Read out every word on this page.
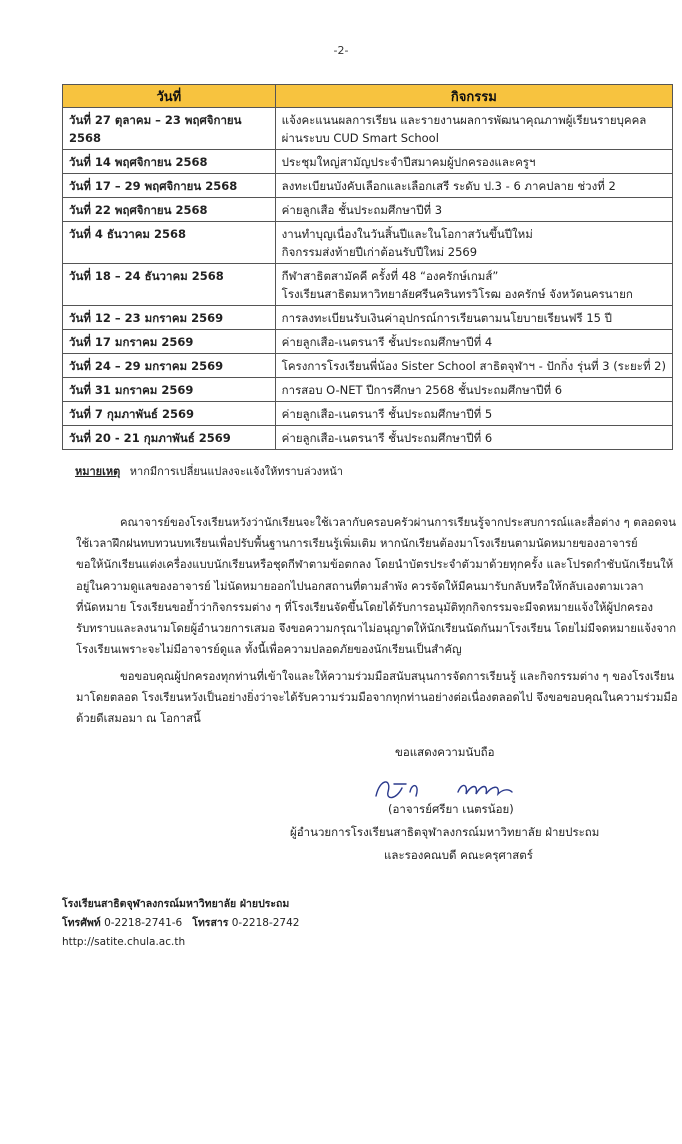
-2-
วันที่	กิจกรรม
วันที่ 27 ตุลาคม – 23 พฤศจิกายน 2568	แจ้งคะแนนผลการเรียน และรายงานผลการพัฒนาคุณภาพผู้เรียนรายบุคคล
ผ่านระบบ CUD Smart School

วันที่ 14 พฤศจิกายน 2568	ประชุมใหญ่สามัญประจำปีสมาคมผู้ปกครองและครูฯ

วันที่ 17 – 29 พฤศจิกายน 2568	ลงทะเบียนบังคับเลือกและเลือกเสรี ระดับ ป.3 - 6 ภาคปลาย ช่วงที่ 2

วันที่ 22 พฤศจิกายน 2568	ค่ายลูกเสือ ชั้นประถมศึกษาปีที่ 3

วันที่ 4 ธันวาคม 2568	งานทำบุญเนื่องในวันสิ้นปีและในโอกาสวันขึ้นปีใหม่
กิจกรรมส่งท้ายปีเก่าต้อนรับปีใหม่ 2569

วันที่ 18 – 24 ธันวาคม 2568	กีฬาสาธิตสามัคคี ครั้งที่ 48 “องครักษ์เกมส์”
โรงเรียนสาธิตมหาวิทยาลัยศรีนครินทรวิโรฒ องครักษ์ จังหวัดนครนายก

วันที่ 12 – 23 มกราคม 2569	การลงทะเบียนรับเงินค่าอุปกรณ์การเรียนตามนโยบายเรียนฟรี 15 ปี

วันที่ 17 มกราคม 2569	ค่ายลูกเสือ-เนตรนารี ชั้นประถมศึกษาปีที่ 4

วันที่ 24 – 29 มกราคม 2569	โครงการโรงเรียนพี่น้อง Sister School สาธิตจุฬาฯ - ปักกิ่ง รุ่นที่ 3 (ระยะที่ 2)

วันที่ 31 มกราคม 2569	การสอบ O-NET ปีการศึกษา 2568 ชั้นประถมศึกษาปีที่ 6

วันที่ 7 กุมภาพันธ์ 2569	ค่ายลูกเสือ-เนตรนารี ชั้นประถมศึกษาปีที่ 5

วันที่ 20 - 21 กุมภาพันธ์ 2569	ค่ายลูกเสือ-เนตรนารี ชั้นประถมศึกษาปีที่ 6
หมายเหตุ หากมีการเปลี่ยนแปลงจะแจ้งให้ทราบล่วงหน้า
คณาจารย์ของโรงเรียนหวังว่านักเรียนจะใช้เวลากับครอบครัวผ่านการเรียนรู้จากประสบการณ์และสื่อต่าง ๆ ตลอดจน
ใช้เวลาฝึกฝนทบทวนบทเรียนเพื่อปรับพื้นฐานการเรียนรู้เพิ่มเติม หากนักเรียนต้องมาโรงเรียนตามนัดหมายของอาจารย์
ขอให้นักเรียนแต่งเครื่องแบบนักเรียนหรือชุดกีฬาตามข้อตกลง โดยนำบัตรประจำตัวมาด้วยทุกครั้ง และโปรดกำชับนักเรียนให้
อยู่ในความดูแลของอาจารย์ ไม่นัดหมายออกไปนอกสถานที่ตามลำพัง ควรจัดให้มีคนมารับกลับหรือให้กลับเองตามเวลา
ที่นัดหมาย โรงเรียนขอย้ำว่ากิจกรรมต่าง ๆ ที่โรงเรียนจัดขึ้นโดยได้รับการอนุมัติทุกกิจกรรมจะมีจดหมายแจ้งให้ผู้ปกครอง
รับทราบและลงนามโดยผู้อำนวยการเสมอ จึงขอความกรุณาไม่อนุญาตให้นักเรียนนัดกันมาโรงเรียน โดยไม่มีจดหมายแจ้งจาก
โรงเรียนเพราะจะไม่มีอาจารย์ดูแล ทั้งนี้เพื่อความปลอดภัยของนักเรียนเป็นสำคัญ
ขอขอบคุณผู้ปกครองทุกท่านที่เข้าใจและให้ความร่วมมือสนับสนุนการจัดการเรียนรู้ และกิจกรรมต่าง ๆ ของโรงเรียน
มาโดยตลอด โรงเรียนหวังเป็นอย่างยิ่งว่าจะได้รับความร่วมมือจากทุกท่านอย่างต่อเนื่องตลอดไป จึงขอขอบคุณในความร่วมมือ
ด้วยดีเสมอมา ณ โอกาสนี้
ขอแสดงความนับถือ
(อาจารย์ศรียา เนตรน้อย)
ผู้อำนวยการโรงเรียนสาธิตจุฬาลงกรณ์มหาวิทยาลัย ฝ่ายประถม
และรองคณบดี คณะครุศาสตร์
โรงเรียนสาธิตจุฬาลงกรณ์มหาวิทยาลัย ฝ่ายประถม
โทรศัพท์ 0-2218-2741-6 โทรสาร 0-2218-2742
http://satite.chula.ac.th
